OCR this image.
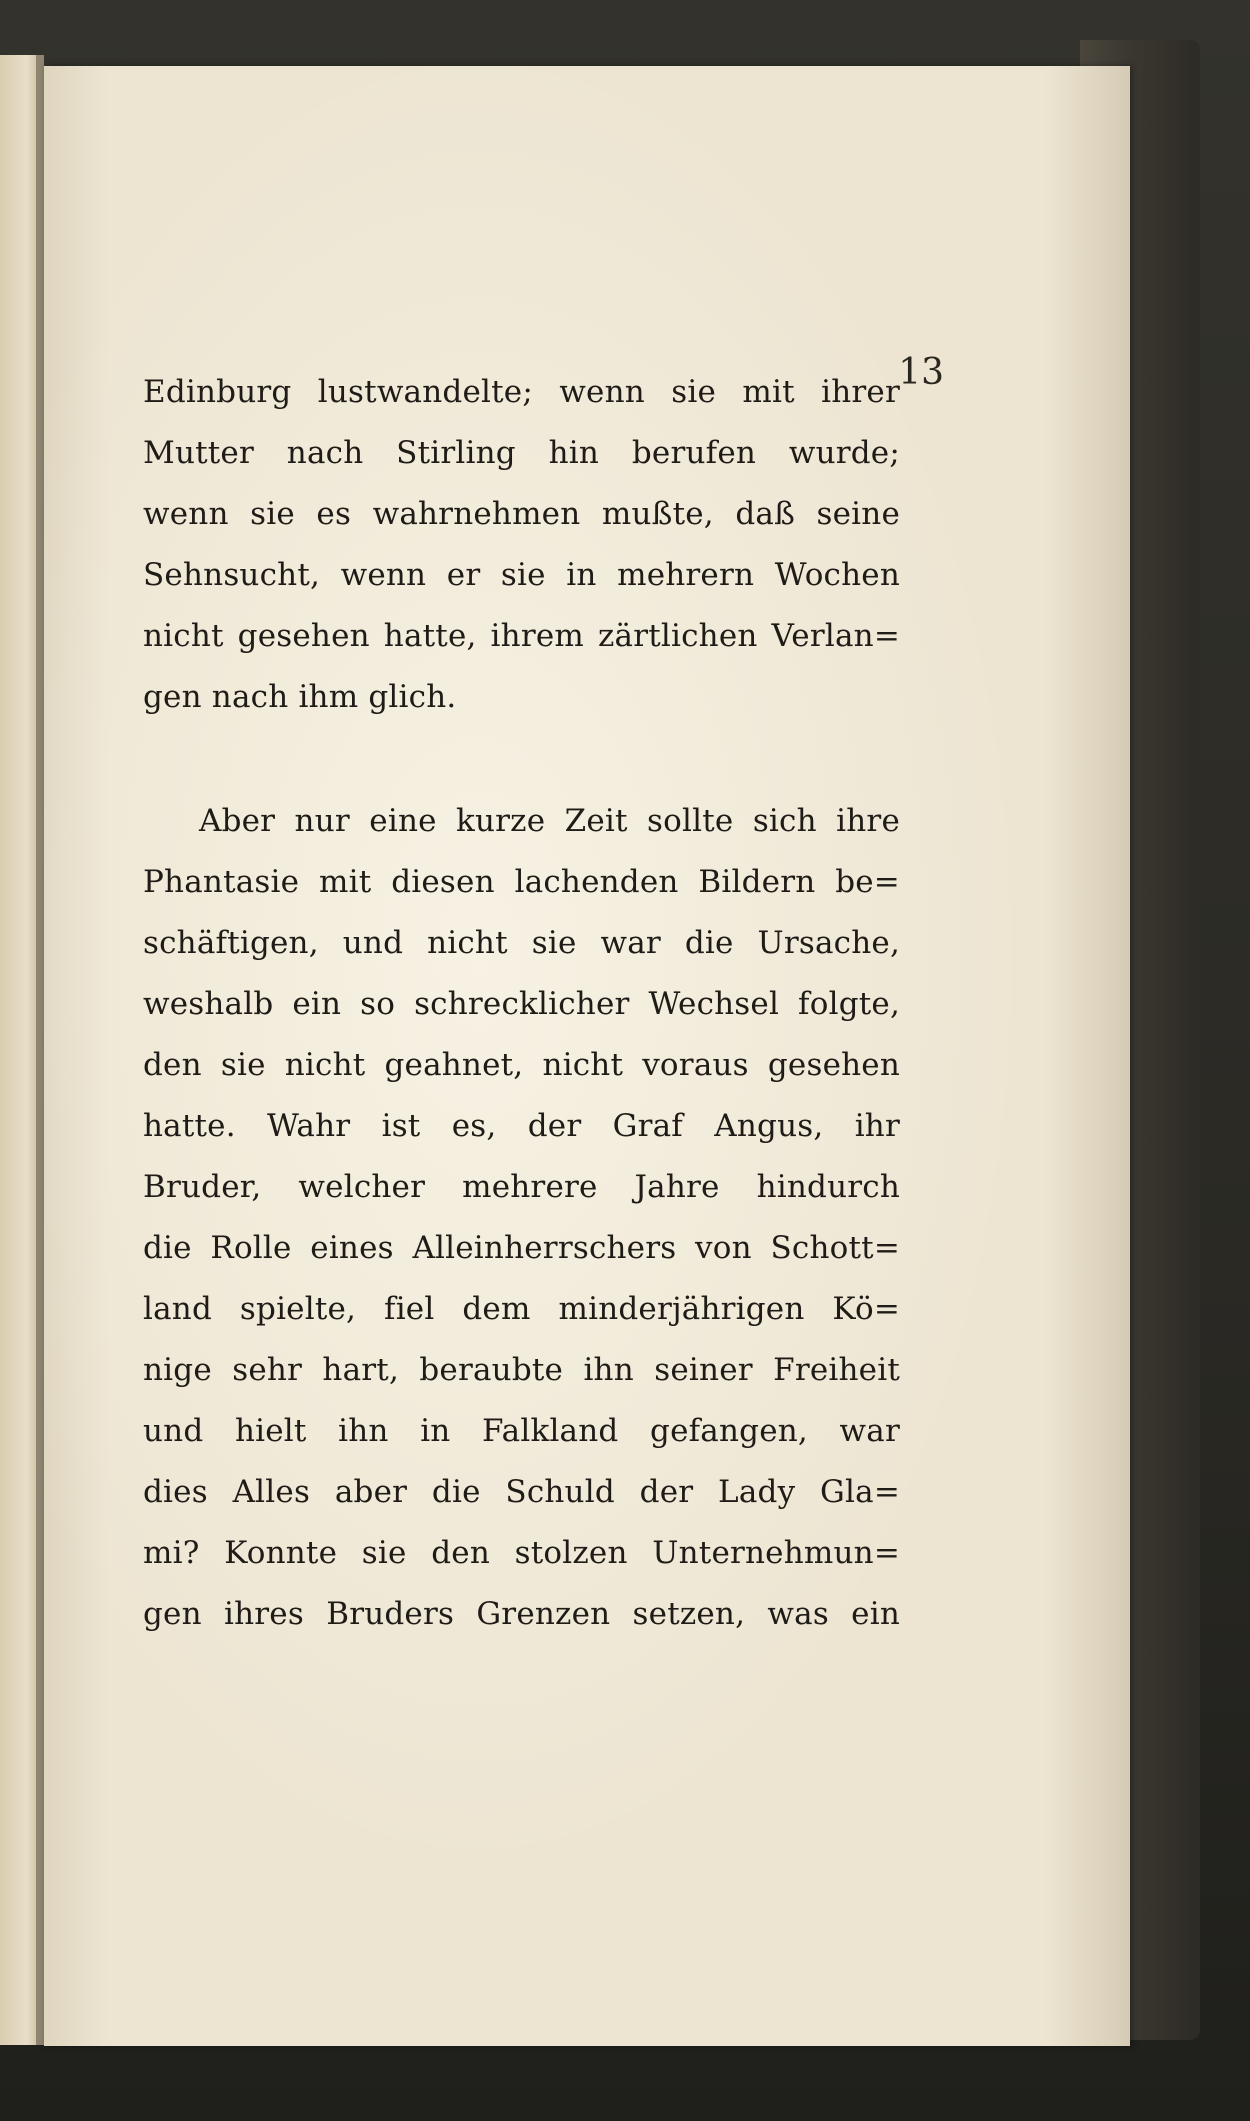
13
Edinburg lustwandelte; wenn sie mit ihrer
Mutter nach Stirling hin berufen wurde;
wenn sie es wahrnehmen mußte, daß seine
Sehnsucht, wenn er sie in mehrern Wochen
nicht gesehen hatte, ihrem zärtlichen Verlan=
gen nach ihm glich.
Aber nur eine kurze Zeit sollte sich ihre
Phantasie mit diesen lachenden Bildern be=
schäftigen, und nicht sie war die Ursache,
weshalb ein so schrecklicher Wechsel folgte,
den sie nicht geahnet, nicht voraus gesehen
hatte. Wahr ist es, der Graf Angus, ihr
Bruder, welcher mehrere Jahre hindurch
die Rolle eines Alleinherrschers von Schott=
land spielte, fiel dem minderjährigen Kö=
nige sehr hart, beraubte ihn seiner Freiheit
und hielt ihn in Falkland gefangen, war
dies Alles aber die Schuld der Lady Gla=
mi? Konnte sie den stolzen Unternehmun=
gen ihres Bruders Grenzen setzen, was ein
